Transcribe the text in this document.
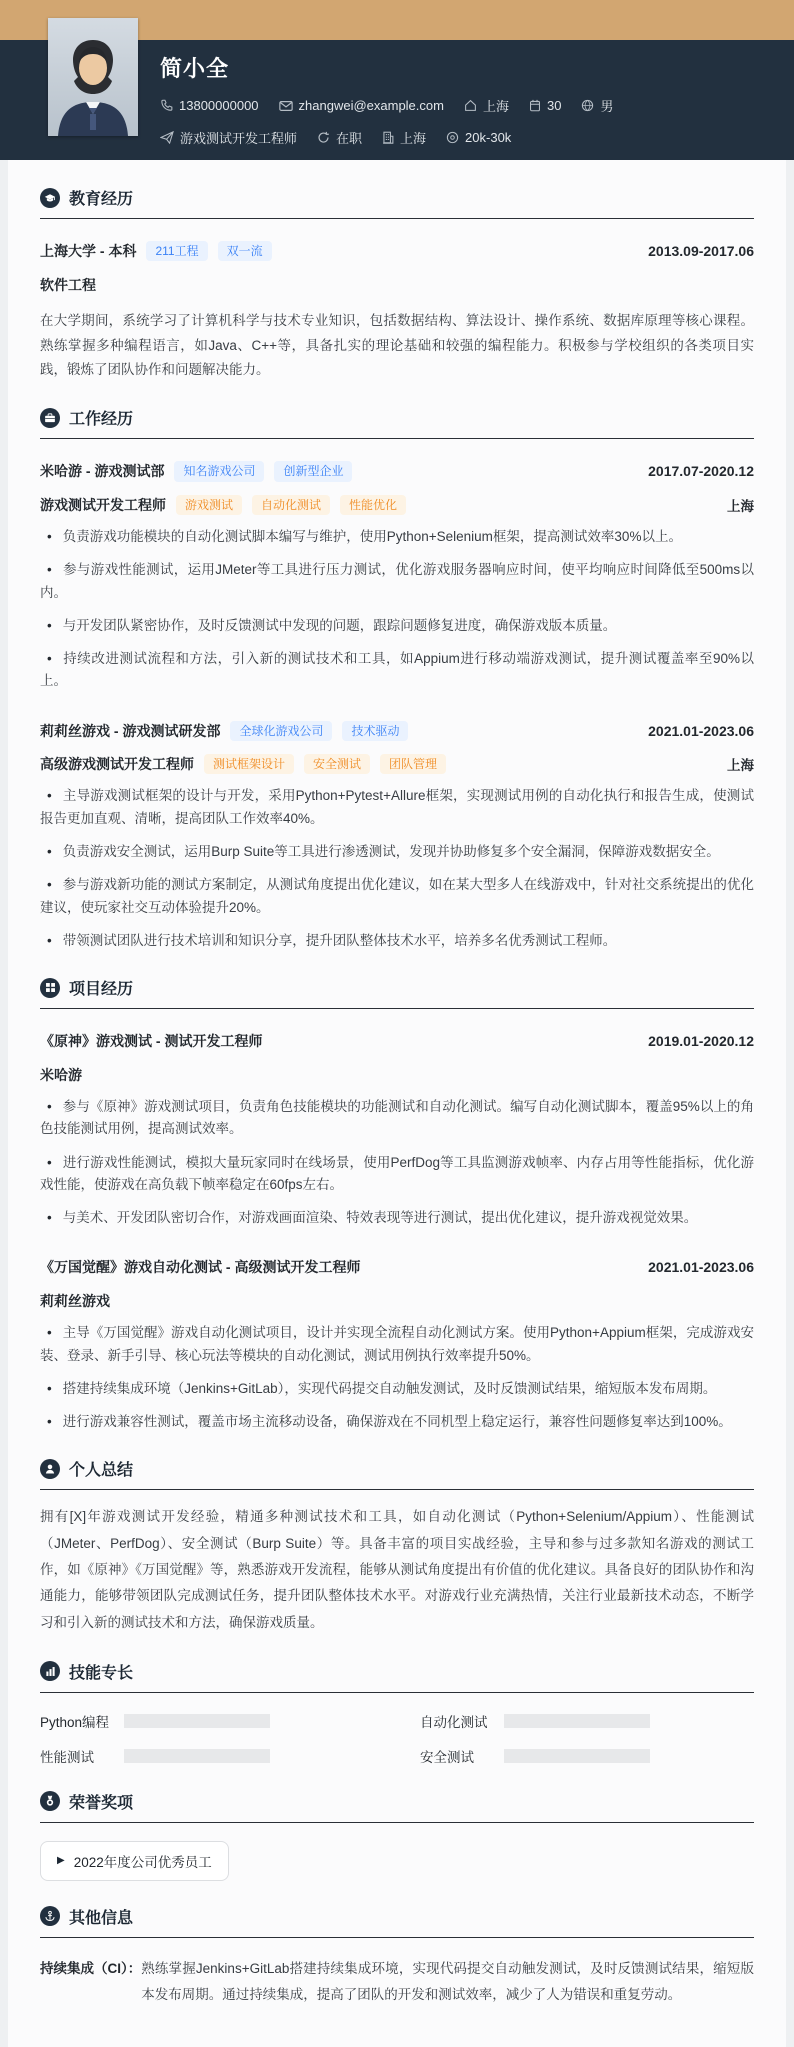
简小全
13800000000	zhangwei@example.com	上海	30	男
游戏测试开发工程师	在职	上海	20k-30k
教育经历
上海大学 - 本科	211工程	双一流	2013.09-2017.06
软件工程

在大学期间，系统学习了计算机科学与技术专业知识，包括数据结构、算法设计、操作系统、数据库原理等核心课程。熟练掌握多种编程语言，如Java、C++等，具备扎实的理论基础和较强的编程能力。积极参与学校组织的各类项目实践，锻炼了团队协作和问题解决能力。

工作经历
米哈游 - 游戏测试部	知名游戏公司	创新型企业	2017.07-2020.12
游戏测试开发工程师	游戏测试	自动化测试	性能优化	上海

• 负责游戏功能模块的自动化测试脚本编写与维护，使用Python+Selenium框架，提高测试效率30%以上。

• 参与游戏性能测试，运用JMeter等工具进行压力测试，优化游戏服务器响应时间，使平均响应时间降低至500ms以内。

• 与开发团队紧密协作，及时反馈测试中发现的问题，跟踪问题修复进度，确保游戏版本质量。

• 持续改进测试流程和方法，引入新的测试技术和工具，如Appium进行移动端游戏测试，提升测试覆盖率至90%以上。

莉莉丝游戏 - 游戏测试研发部	全球化游戏公司	技术驱动	2021.01-2023.06
高级游戏测试开发工程师	测试框架设计	安全测试	团队管理	上海

• 主导游戏测试框架的设计与开发，采用Python+Pytest+Allure框架，实现测试用例的自动化执行和报告生成，使测试报告更加直观、清晰，提高团队工作效率40%。

• 负责游戏安全测试，运用Burp Suite等工具进行渗透测试，发现并协助修复多个安全漏洞，保障游戏数据安全。

• 参与游戏新功能的测试方案制定，从测试角度提出优化建议，如在某大型多人在线游戏中，针对社交系统提出的优化建议，使玩家社交互动体验提升20%。

• 带领测试团队进行技术培训和知识分享，提升团队整体技术水平，培养多名优秀测试工程师。

项目经历
《原神》游戏测试 - 测试开发工程师	2019.01-2020.12
米哈游

• 参与《原神》游戏测试项目，负责角色技能模块的功能测试和自动化测试。编写自动化测试脚本，覆盖95%以上的角色技能测试用例，提高测试效率。

• 进行游戏性能测试，模拟大量玩家同时在线场景，使用PerfDog等工具监测游戏帧率、内存占用等性能指标，优化游戏性能，使游戏在高负载下帧率稳定在60fps左右。

• 与美术、开发团队密切合作，对游戏画面渲染、特效表现等进行测试，提出优化建议，提升游戏视觉效果。

《万国觉醒》游戏自动化测试 - 高级测试开发工程师	2021.01-2023.06
莉莉丝游戏

• 主导《万国觉醒》游戏自动化测试项目，设计并实现全流程自动化测试方案。使用Python+Appium框架，完成游戏安装、登录、新手引导、核心玩法等模块的自动化测试，测试用例执行效率提升50%。

• 搭建持续集成环境（Jenkins+GitLab），实现代码提交自动触发测试，及时反馈测试结果，缩短版本发布周期。

• 进行游戏兼容性测试，覆盖市场主流移动设备，确保游戏在不同机型上稳定运行，兼容性问题修复率达到100%。

个人总结

拥有[X]年游戏测试开发经验，精通多种测试技术和工具，如自动化测试（Python+Selenium/Appium）、性能测试（JMeter、PerfDog）、安全测试（Burp Suite）等。具备丰富的项目实战经验，主导和参与过多款知名游戏的测试工作，如《原神》《万国觉醒》等，熟悉游戏开发流程，能够从测试角度提出有价值的优化建议。具备良好的团队协作和沟通能力，能够带领团队完成测试任务，提升团队整体技术水平。对游戏行业充满热情，关注行业最新技术动态，不断学习和引入新的测试技术和方法，确保游戏质量。

技能专长
Python编程	自动化测试
性能测试	安全测试
荣誉奖项
▶ 2022年度公司优秀员工
其他信息
持续集成（CI）： 熟练掌握Jenkins+GitLab搭建持续集成环境，实现代码提交自动触发测试，及时反馈测试结果，缩短版本发布周期。通过持续集成，提高了团队的开发和测试效率，减少了人为错误和重复劳动。
